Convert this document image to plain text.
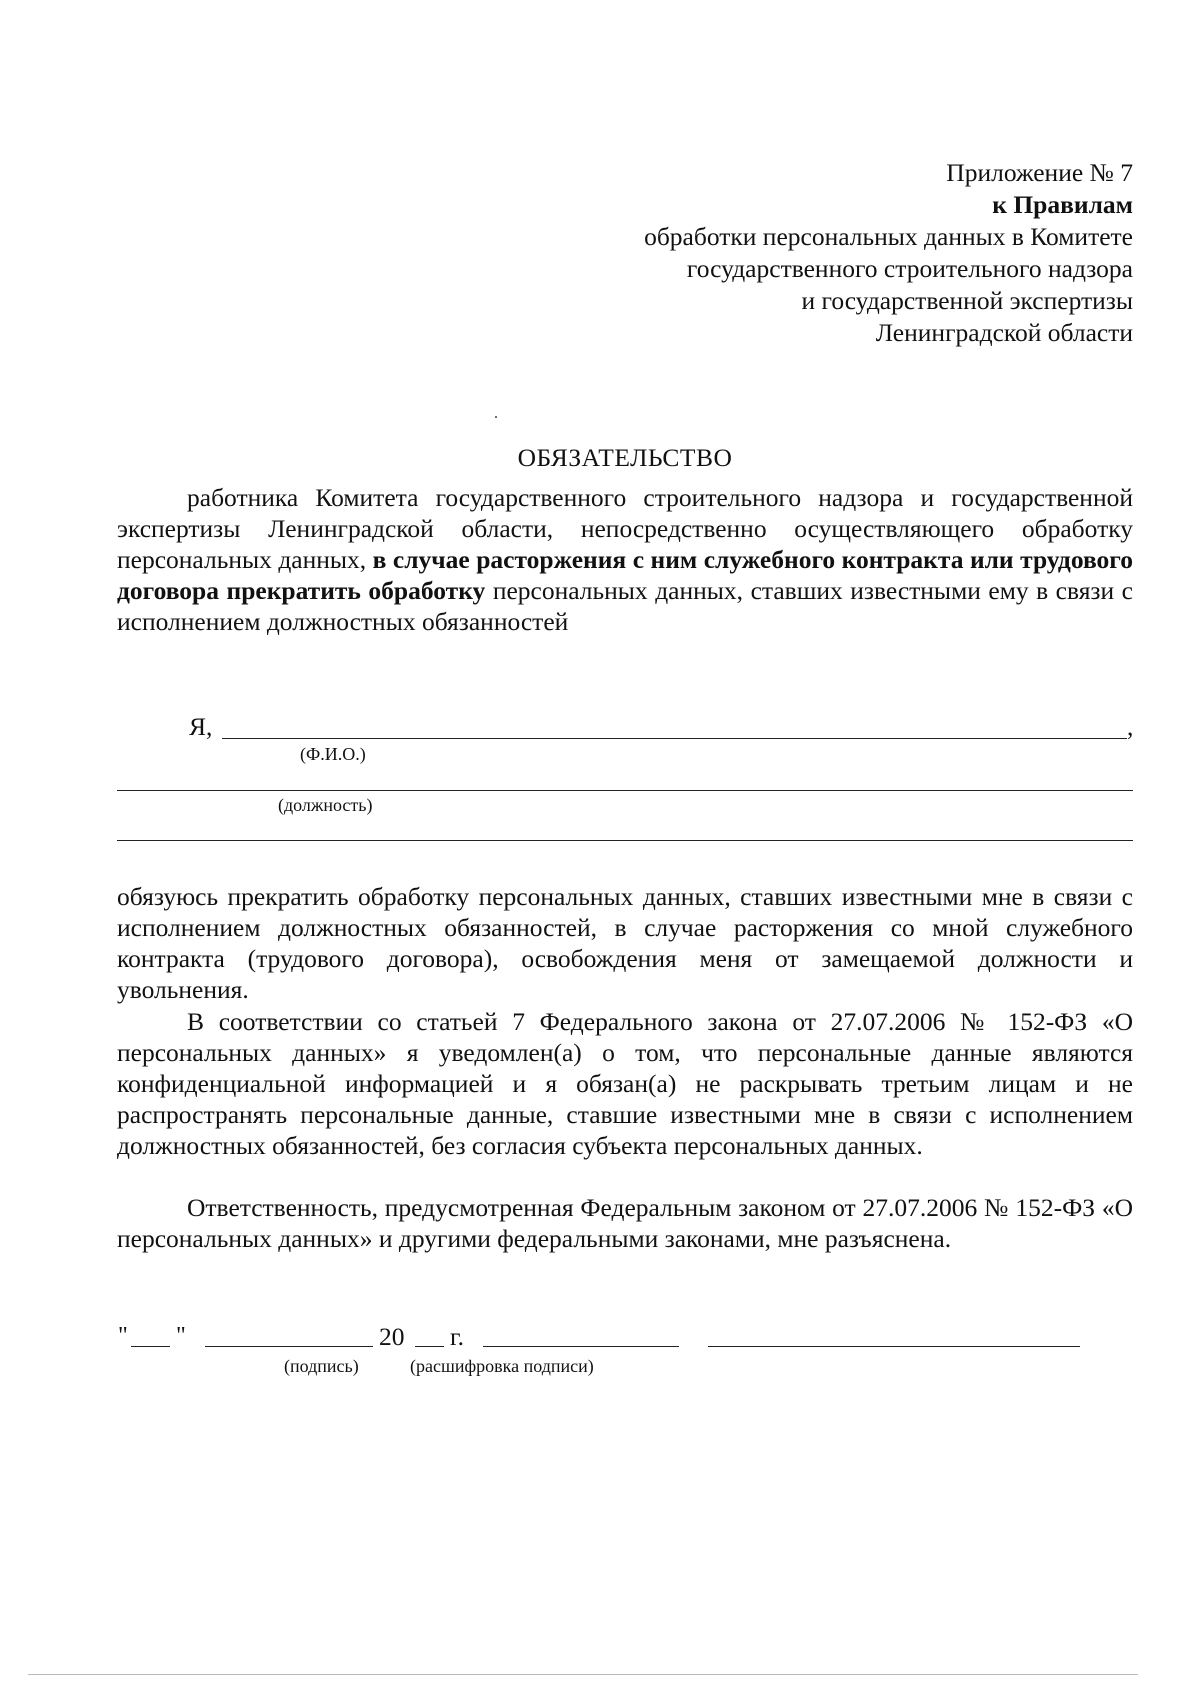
Приложение № 7
к Правилам
обработки персональных данных в Комитете
государственного строительного надзора
и государственной экспертизы
Ленинградской области
ОБЯЗАТЕЛЬСТВО
работника Комитета государственного строительного надзора и государственной экспертизы Ленинградской области, непосредственно осуществляющего обработку персональных данных, в случае расторжения с ним служебного контракта или трудового договора прекратить обработку персональных данных, ставших известными ему в связи с исполнением должностных обязанностей
Я,	,
(Ф.И.О.)
(должность)
обязуюсь прекратить обработку персональных данных, ставших известными мне в связи с исполнением должностных обязанностей, в случае расторжения со мной служебного контракта (трудового договора), освобождения меня от замещаемой должности и увольнения.
В соответствии со статьей 7 Федерального закона от 27.07.2006 № 152-ФЗ «О персональных данных» я уведомлен(а) о том, что персональные данные являются конфиденциальной информацией и я обязан(а) не раскрывать третьим лицам и не распространять персональные данные, ставшие известными мне в связи с исполнением должностных обязанностей, без согласия субъекта персональных данных.
Ответственность, предусмотренная Федеральным законом от 27.07.2006 № 152-ФЗ «О персональных данных» и другими федеральными законами, мне разъяснена.
" "	20 г.
(подпись)	(расшифровка подписи)
